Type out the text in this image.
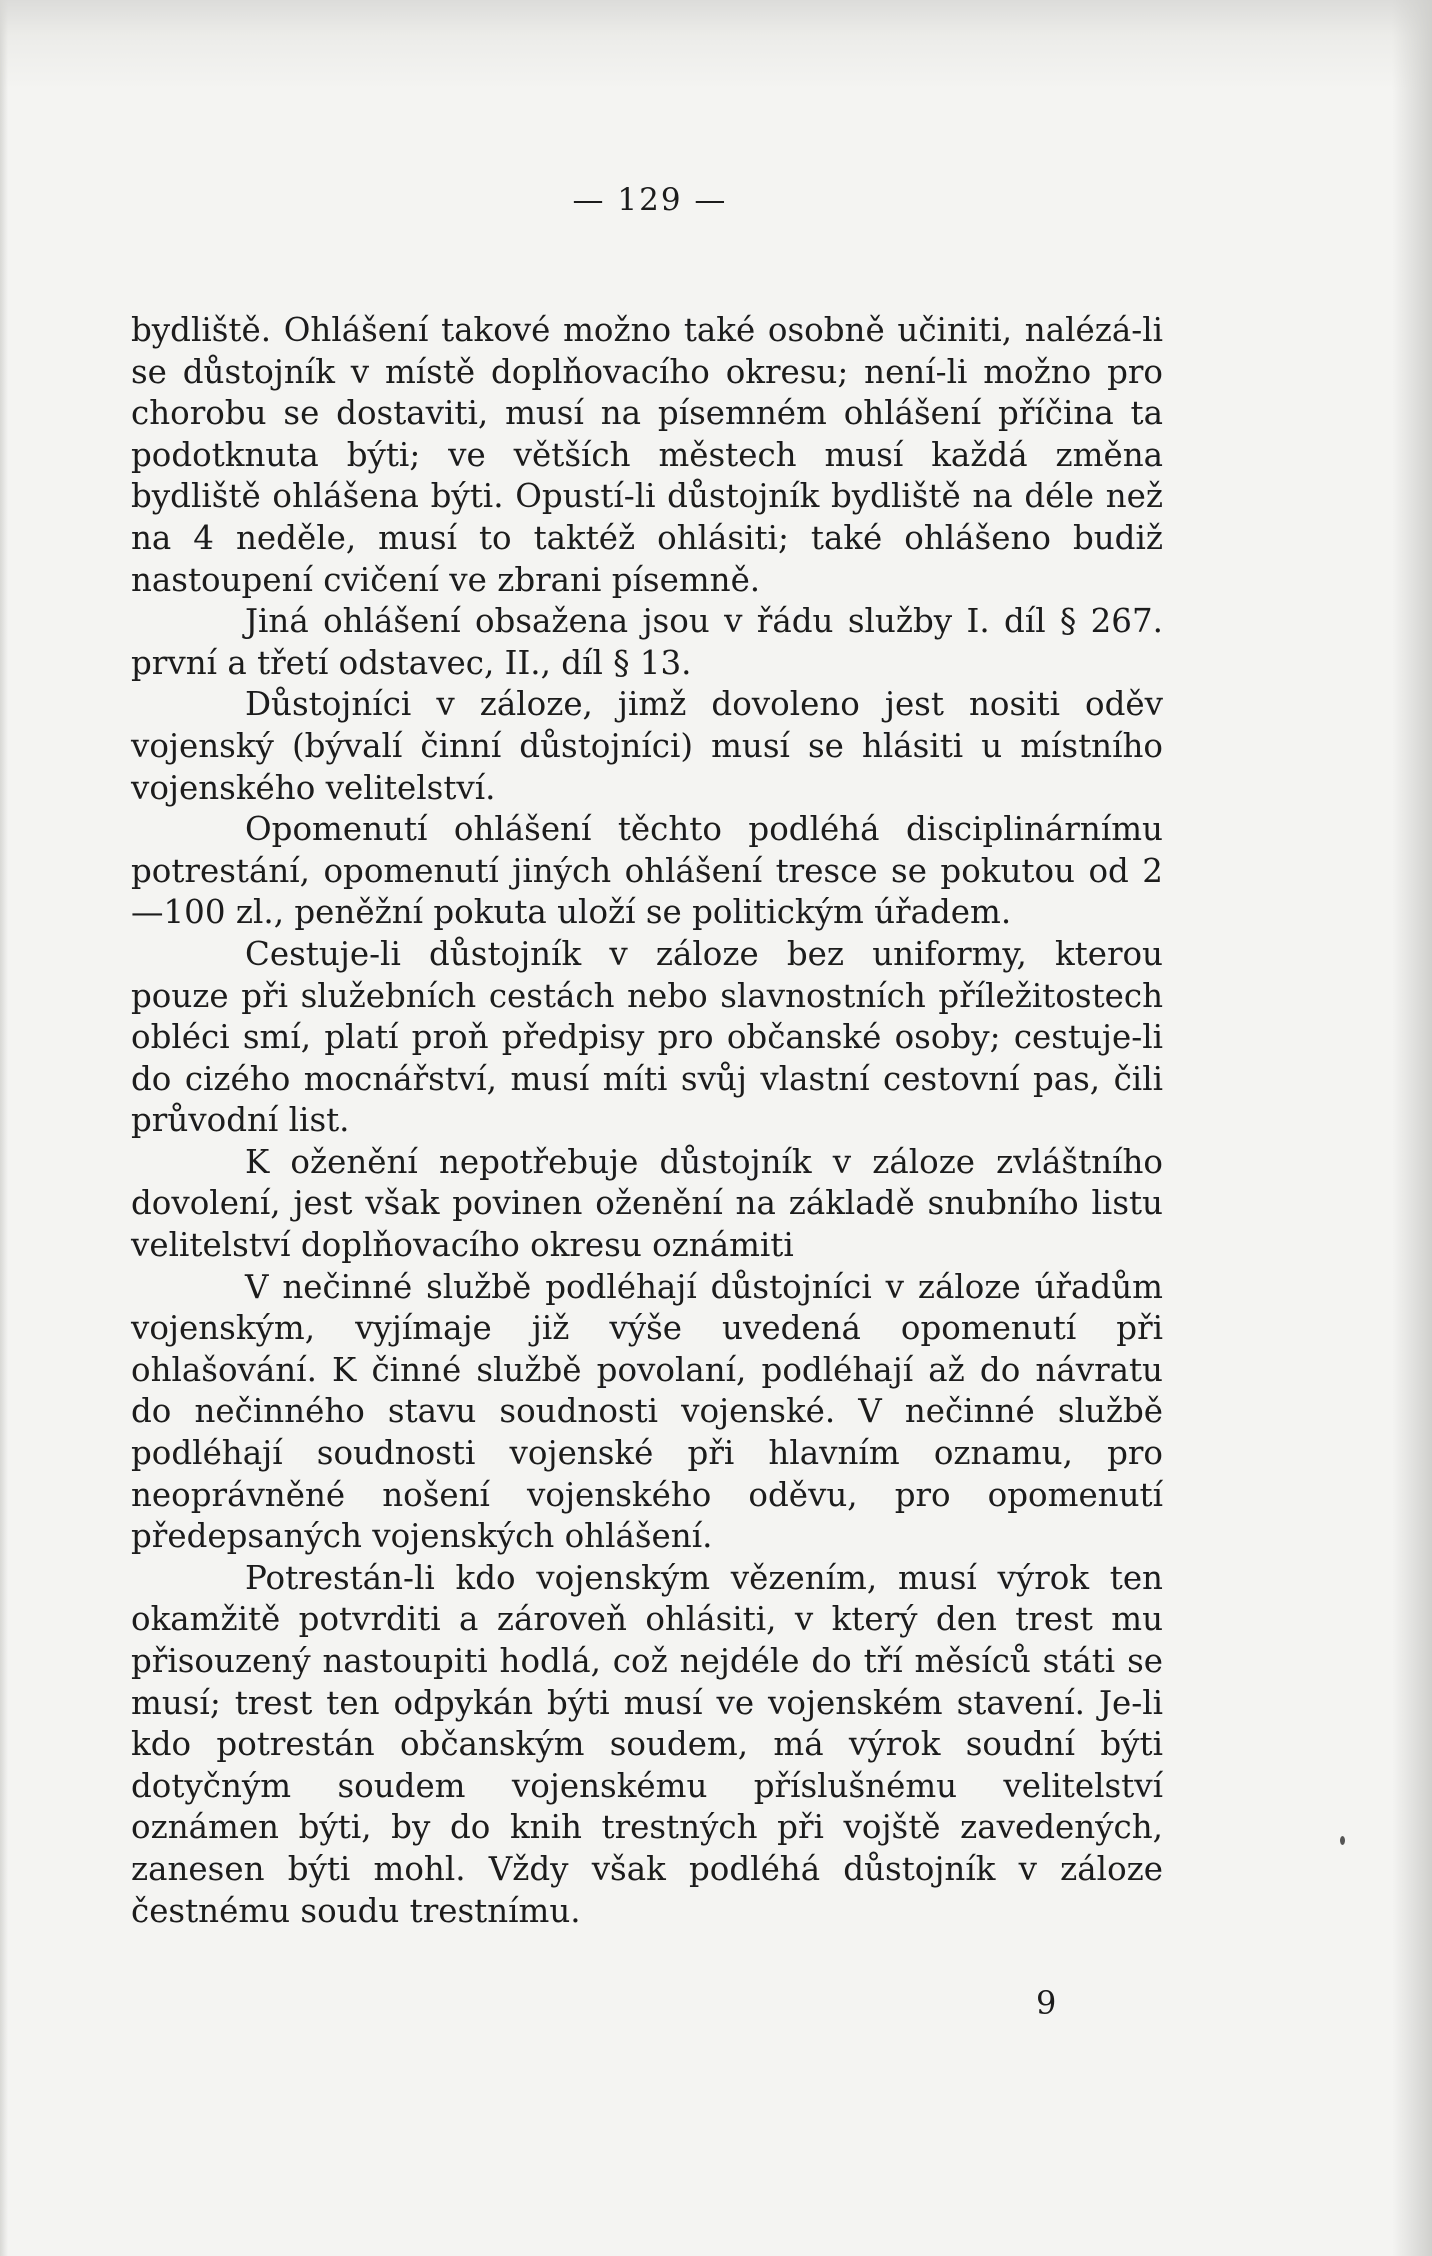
— 129 —

bydliště. Ohlášení takové možno také osobně učiniti, nalézá-li se důstojník v místě doplňovacího okresu; není-li možno pro chorobu se dostaviti, musí na písemném ohlášení příčina ta podotknuta býti; ve větších městech musí každá změna bydliště ohlášena býti. Opustí-li důstojník bydliště na déle než na 4 neděle, musí to taktéž ohlásiti; také ohlášeno budiž nastoupení cvičení ve zbrani písemně.

Jiná ohlášení obsažena jsou v řádu služby I. díl § 267. první a třetí odstavec, II., díl § 13.

Důstojníci v záloze, jimž dovoleno jest nositi oděv vojenský (bývalí činní důstojníci) musí se hlásiti u místního vojenského velitelství.

Opomenutí ohlášení těchto podléhá disciplinárnímu potrestání, opomenutí jiných ohlášení tresce se pokutou od 2—100 zl., peněžní pokuta uloží se politickým úřadem.

Cestuje-li důstojník v záloze bez uniformy, kterou pouze při služebních cestách nebo slavnostních příležitostech obléci smí, platí proň předpisy pro občanské osoby; cestuje-li do cizého mocnářství, musí míti svůj vlastní cestovní pas, čili průvodní list.

K oženění nepotřebuje důstojník v záloze zvláštního dovolení, jest však povinen oženění na základě snubního listu velitelství doplňovacího okresu oznámiti

V nečinné službě podléhají důstojníci v záloze úřadům vojenským, vyjímaje již výše uvedená opomenutí při ohlašování. K činné službě povolaní, podléhají až do návratu do nečinného stavu soudnosti vojenské. V nečinné službě podléhají soudnosti vojenské při hlavním oznamu, pro neoprávněné nošení vojenského oděvu, pro opomenutí předepsaných vojenských ohlášení.

Potrestán-li kdo vojenským vězením, musí výrok ten okamžitě potvrditi a zároveň ohlásiti, v který den trest mu přisouzený nastoupiti hodlá, což nejdéle do tří měsíců státi se musí; trest ten odpykán býti musí ve vojenském stavení. Je-li kdo potrestán občanským soudem, má výrok soudní býti dotyčným soudem vojenskému příslušnému velitelství oznámen býti, by do knih trestných při vojště zavedených, zanesen býti mohl. Vždy však podléhá důstojník v záloze čestnému soudu trestnímu.

9
